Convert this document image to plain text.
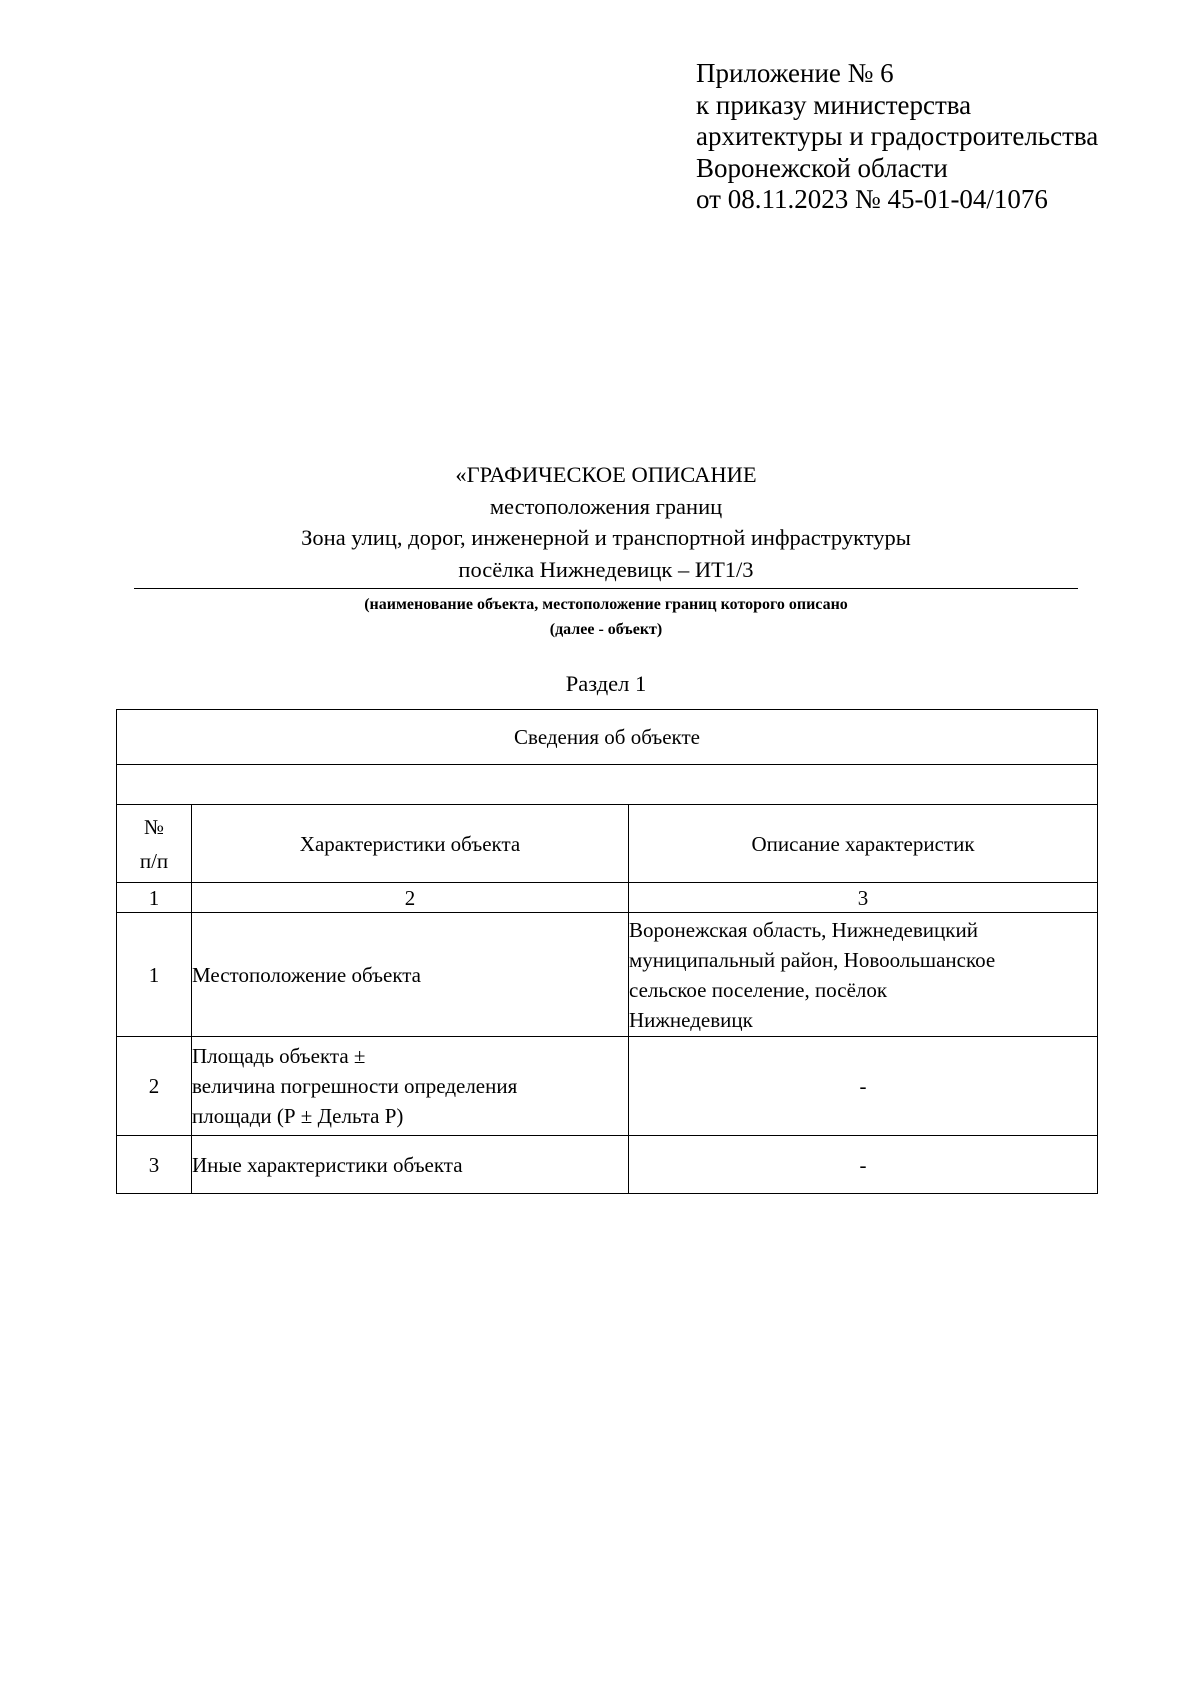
Приложение № 6
к приказу министерства
архитектуры и градостроительства
Воронежской области
от 08.11.2023 № 45-01-04/1076
«ГРАФИЧЕСКОЕ ОПИСАНИЕ
местоположения границ
Зона улиц, дорог, инженерной и транспортной инфраструктуры
посёлка Нижнедевицк – ИТ1/3
(наименование объекта, местоположение границ которого описано
(далее - объект)
Раздел 1
Сведения об объекте		

№
п/п	Характеристики объекта	Описание характеристик
1	2	3
1	Местоположение объекта	Воронежская область, Нижнедевицкий
муниципальный район, Новоольшанское
сельское поселение, посёлок
Нижнедевицк

2	Площадь объекта ±
величина погрешности определения
площади (Р ± Дельта Р)	-

3	Иные характеристики объекта	-
